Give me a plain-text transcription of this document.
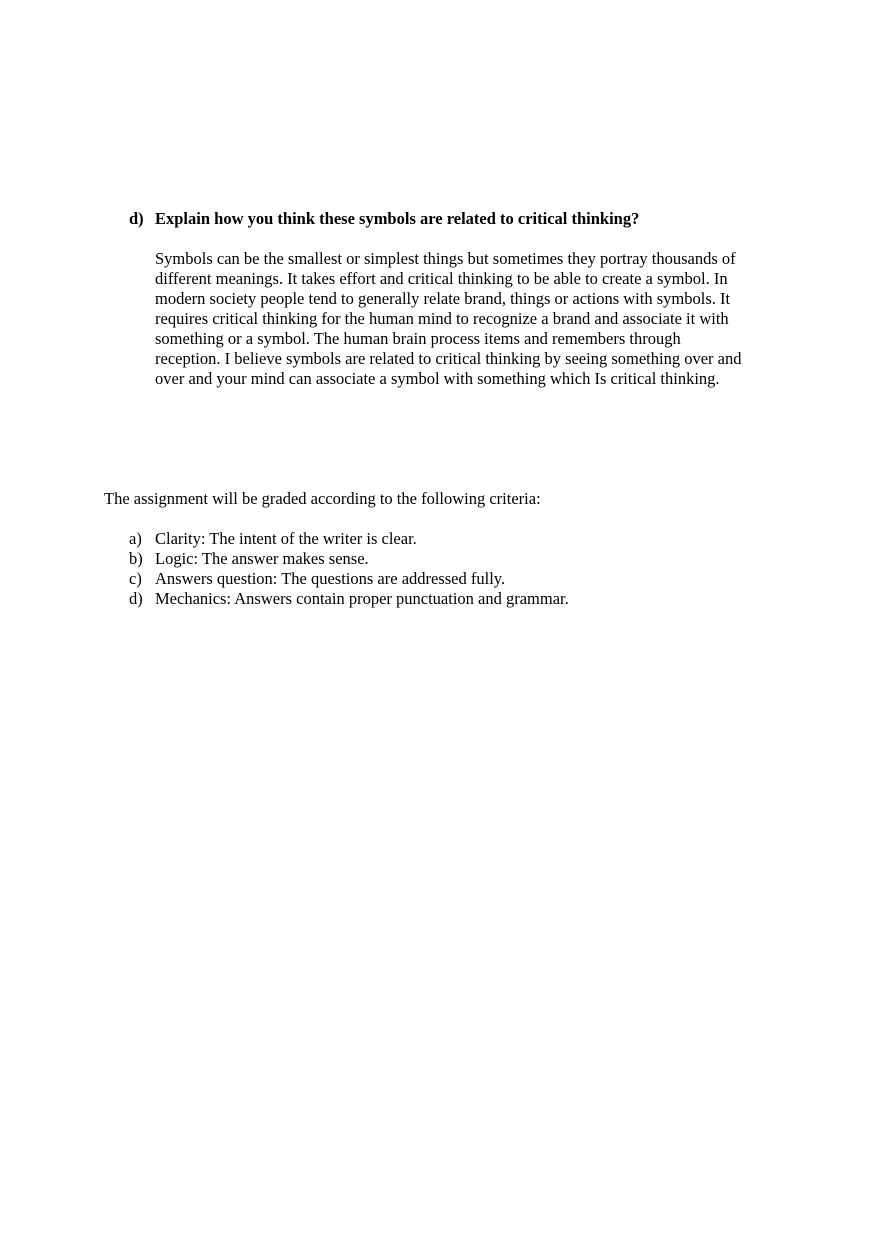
d) Explain how you think these symbols are related to critical thinking?
Symbols can be the smallest or simplest things but sometimes they portray thousands of
different meanings. It takes effort and critical thinking to be able to create a symbol. In
modern society people tend to generally relate brand, things or actions with symbols. It
requires critical thinking for the human mind to recognize a brand and associate it with
something or a symbol. The human brain process items and remembers through
reception. I believe symbols are related to critical thinking by seeing something over and
over and your mind can associate a symbol with something which Is critical thinking.
The assignment will be graded according to the following criteria:
a) Clarity: The intent of the writer is clear.
b) Logic: The answer makes sense.
c) Answers question: The questions are addressed fully.
d) Mechanics: Answers contain proper punctuation and grammar.
